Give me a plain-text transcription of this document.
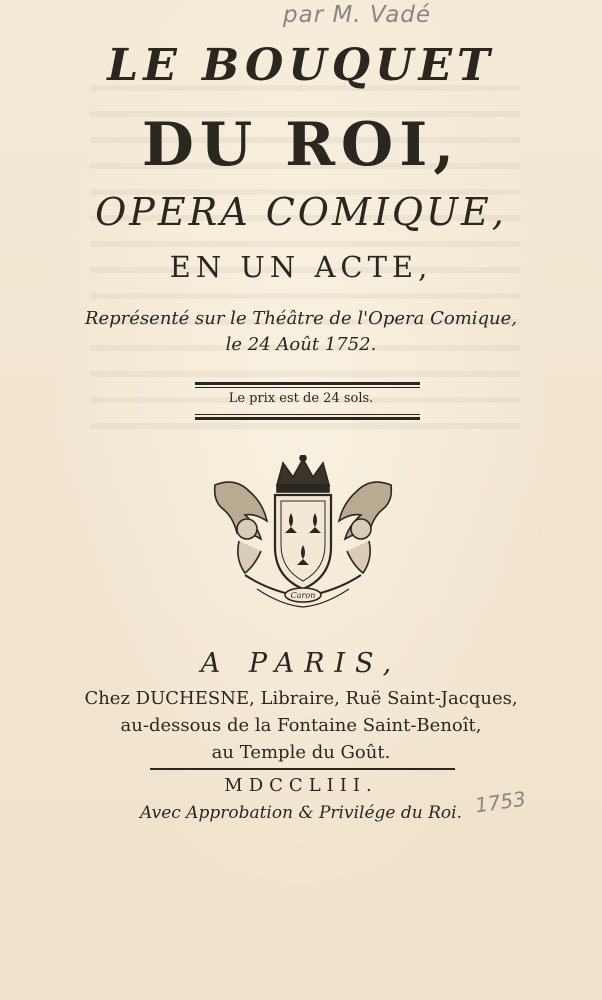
par M. Vadé
LE BOUQUET
DU ROI,
OPERA COMIQUE,
EN UN ACTE,
Représenté sur le Théâtre de l'Opera Comique,
le 24 Août 1752.
Le prix est de 24 sols.
Caron
A PARIS,
Chez DUCHESNE, Libraire, Ruë Saint-Jacques,
au-dessous de la Fontaine Saint-Benoît,
au Temple du Goût.
MDCCLIII.
Avec Approbation & Privilége du Roi. 1753
